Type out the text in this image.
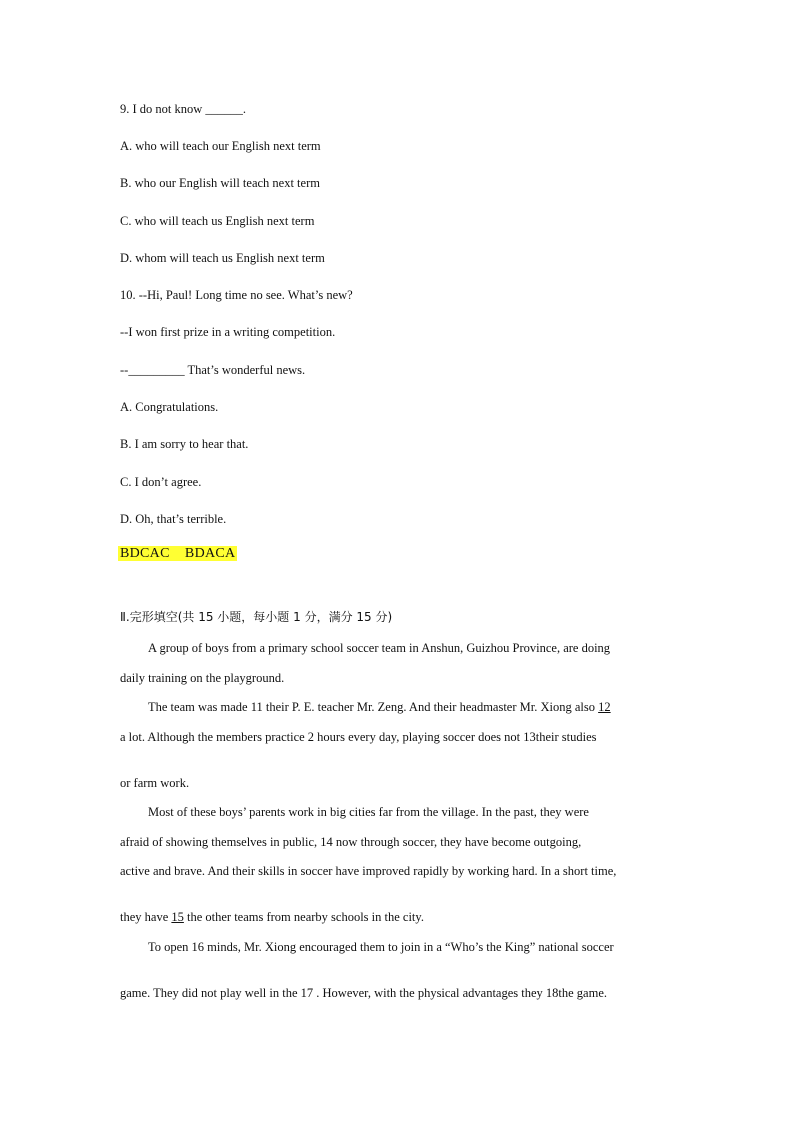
9. I do not know ______.
A. who will teach our English next term
B. who our English will teach next term
C. who will teach us English next term
D. whom will teach us English next term
10. --Hi, Paul! Long time no see. What’s new?
--I won first prize in a writing competition.
--_________ That’s wonderful news.
A. Congratulations.
B. I am sorry to hear that.
C. I don’t agree.
D. Oh, that’s terrible.
BDCAC    BDACA
Ⅱ.完形填空(共 15 小题，每小题 1 分，满分 15 分)
A group of boys from a primary school soccer team in Anshun, Guizhou Province, are doing
daily training on the playground.
The team was made 11 their P. E. teacher Mr. Zeng. And their headmaster Mr. Xiong also 12
a lot. Although the members practice 2 hours every day, playing soccer does not 13their studies
or farm work.
Most of these boys’ parents work in big cities far from the village. In the past, they were
afraid of showing themselves in public, 14 now through soccer, they have become outgoing,
active and brave. And their skills in soccer have improved rapidly by working hard. In a short time,
they have 15 the other teams from nearby schools in the city.
To open 16 minds, Mr. Xiong encouraged them to join in a “Who’s the King” national soccer
game. They did not play well in the 17 . However, with the physical advantages they 18the game.
